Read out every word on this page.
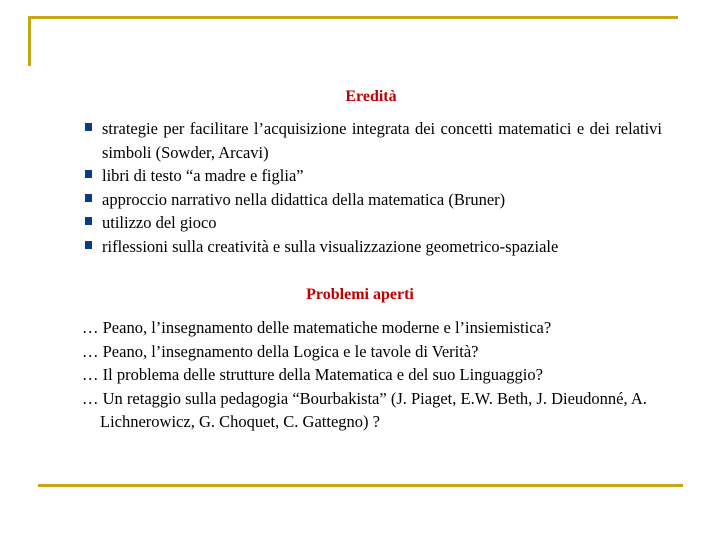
Eredità
strategie per facilitare l’acquisizione integrata dei concetti matematici e dei relativi simboli (Sowder, Arcavi)
libri di testo “a madre e figlia”
approccio narrativo nella didattica della matematica (Bruner)
utilizzo del gioco
riflessioni sulla creatività e sulla visualizzazione geometrico-spaziale
Problemi aperti
… Peano, l’insegnamento delle matematiche moderne e l’insiemistica?
… Peano, l’insegnamento della Logica e le tavole di Verità?
… Il problema delle strutture della Matematica e del suo Linguaggio?
… Un retaggio sulla pedagogia “Bourbakista” (J. Piaget, E.W. Beth, J. Dieudonné, A. Lichnerowicz, G. Choquet, C. Gattegno) ?
